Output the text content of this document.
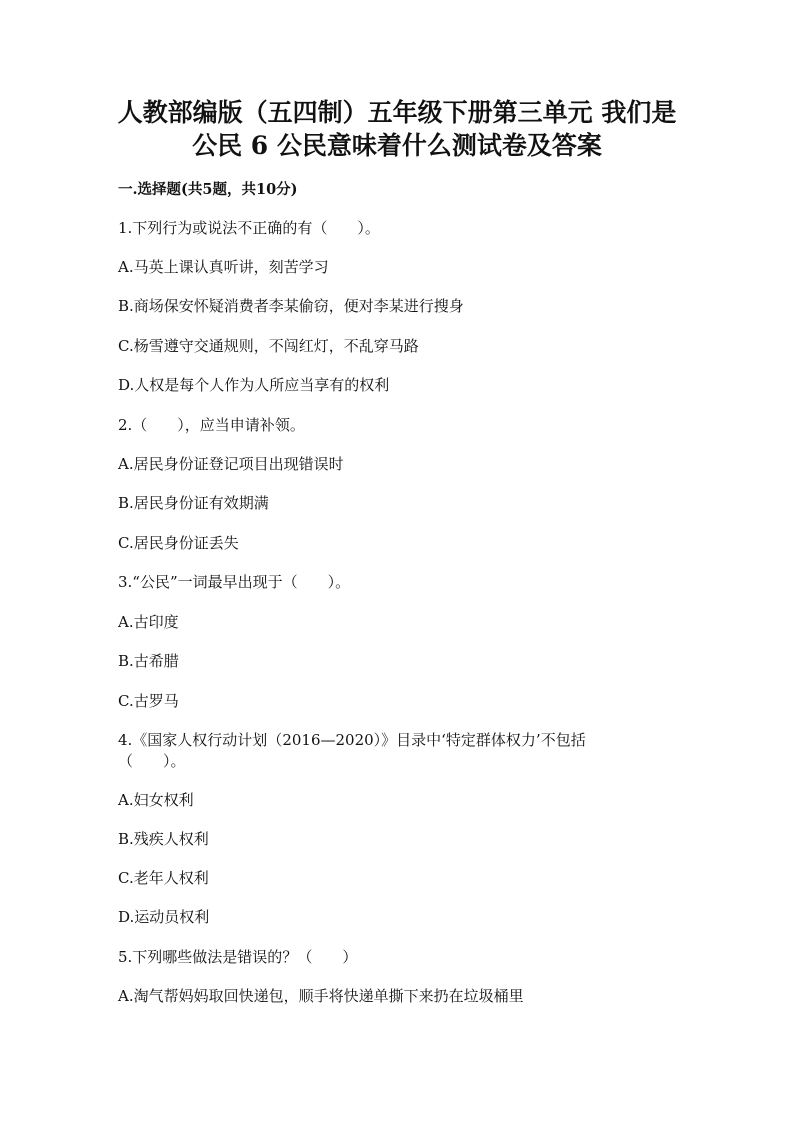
人教部编版（五四制）五年级下册第三单元 我们是
公民 6 公民意味着什么测试卷及答案
一.选择题(共5题，共10分)
1.下列行为或说法不正确的有（　　）。
A.马英上课认真听讲，刻苦学习
B.商场保安怀疑消费者李某偷窃，便对李某进行搜身
C.杨雪遵守交通规则，不闯红灯，不乱穿马路
D.人权是每个人作为人所应当享有的权利
2.（　　），应当申请补领。
A.居民身份证登记项目出现错误时
B.居民身份证有效期满
C.居民身份证丢失
3.“公民”一词最早出现于（　　）。
A.古印度
B.古希腊
C.古罗马
4.《国家人权行动计划（2016—2020）》目录中‘特定群体权力’不包括
（　　）。
A.妇女权利
B.残疾人权利
C.老年人权利
D.运动员权利
5.下列哪些做法是错误的？（　　）
A.淘气帮妈妈取回快递包，顺手将快递单撕下来扔在垃圾桶里
